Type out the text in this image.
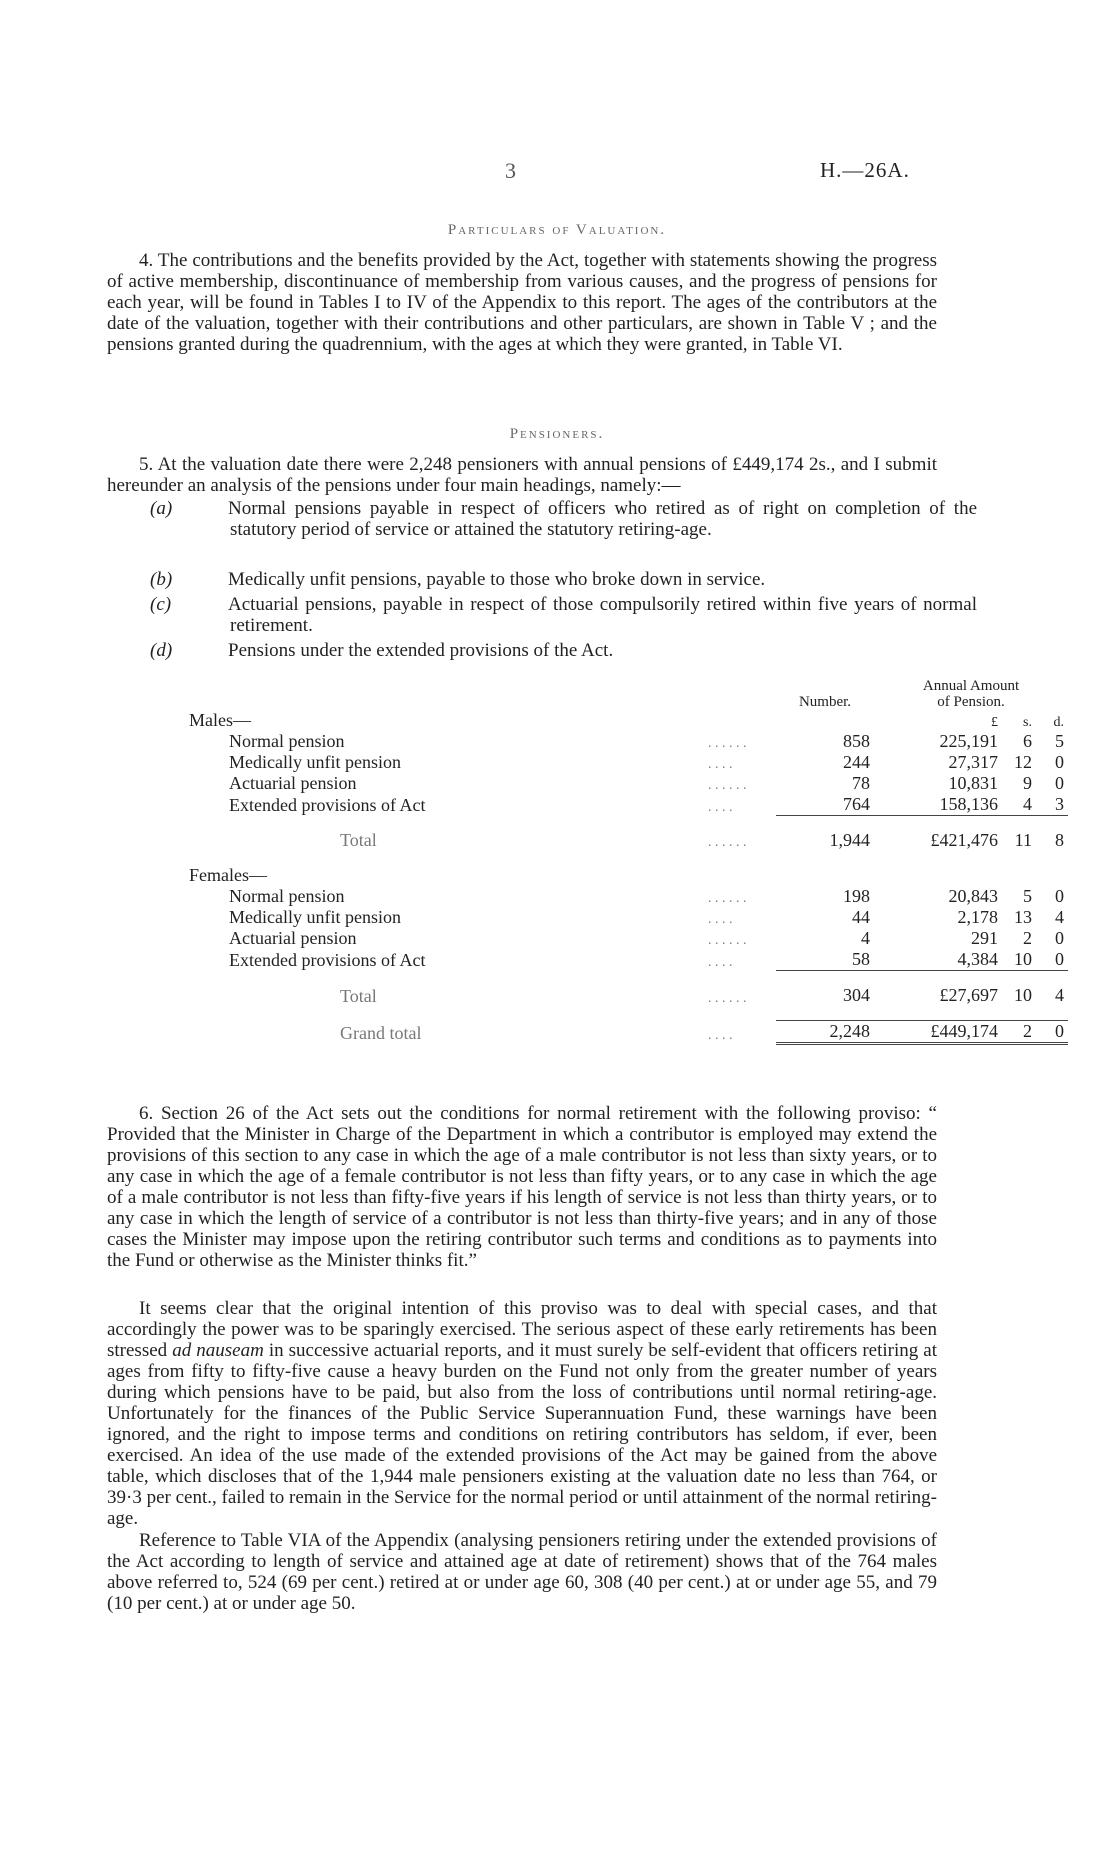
3	H.—26A.
Particulars of Valuation.
4. The contributions and the benefits provided by the Act, together with statements showing the progress of active membership, discontinuance of membership from various causes, and the progress of pensions for each year, will be found in Tables I to IV of the Appendix to this report. The ages of the contributors at the date of the valuation, together with their contributions and other particulars, are shown in Table V ; and the pensions granted during the quadrennium, with the ages at which they were granted, in Table VI.
Pensioners.
5. At the valuation date there were 2,248 pensioners with annual pensions of £449,174 2s., and I submit hereunder an analysis of the pensions under four main headings, namely:—
(a)	Normal pensions payable in respect of officers who retired as of right on completion of the statutory period of service or attained the statutory retiring-age.
(b)	Medically unfit pensions, payable to those who broke down in service.
(c)	Actuarial pensions, payable in respect of those compulsorily retired within five years of normal retirement.
(d)	Pensions under the extended provisions of the Act.
		Number.	Annual Amount
of Pension.		
Males—			£	s.	d.
Normal pension	. . . . . .	858	225,191	6	5
Medically unfit pension	. . . .	244	27,317	12	0
Actuarial pension	. . . . . .	78	10,831	9	0
Extended provisions of Act	. . . .	764	158,136	4	3
Total	. . . . . .	1,944	£421,476	11	8
Females—					
Normal pension	. . . . . .	198	20,843	5	0
Medically unfit pension	. . . .	44	2,178	13	4
Actuarial pension	. . . . . .	4	291	2	0
Extended provisions of Act	. . . .	58	4,384	10	0
Total	. . . . . .	304	£27,697	10	4
Grand total	. . . .	2,248	£449,174	2	0
6. Section 26 of the Act sets out the conditions for normal retirement with the following proviso: “ Provided that the Minister in Charge of the Department in which a contributor is employed may extend the provisions of this section to any case in which the age of a male contributor is not less than sixty years, or to any case in which the age of a female contributor is not less than fifty years, or to any case in which the age of a male contributor is not less than fifty-five years if his length of service is not less than thirty years, or to any case in which the length of service of a contributor is not less than thirty-five years; and in any of those cases the Minister may impose upon the retiring contributor such terms and conditions as to payments into the Fund or otherwise as the Minister thinks fit.”
It seems clear that the original intention of this proviso was to deal with special cases, and that accordingly the power was to be sparingly exercised. The serious aspect of these early retirements has been stressed ad nauseam in successive actuarial reports, and it must surely be self-evident that officers retiring at ages from fifty to fifty-five cause a heavy burden on the Fund not only from the greater number of years during which pensions have to be paid, but also from the loss of contributions until normal retiring-age. Unfortunately for the finances of the Public Service Superannuation Fund, these warnings have been ignored, and the right to impose terms and conditions on retiring contributors has seldom, if ever, been exercised. An idea of the use made of the extended provisions of the Act may be gained from the above table, which discloses that of the 1,944 male pensioners existing at the valuation date no less than 764, or 39·3 per cent., failed to remain in the Service for the normal period or until attainment of the normal retiring-age.
Reference to Table VIA of the Appendix (analysing pensioners retiring under the extended provisions of the Act according to length of service and attained age at date of retirement) shows that of the 764 males above referred to, 524 (69 per cent.) retired at or under age 60, 308 (40 per cent.) at or under age 55, and 79 (10 per cent.) at or under age 50.
